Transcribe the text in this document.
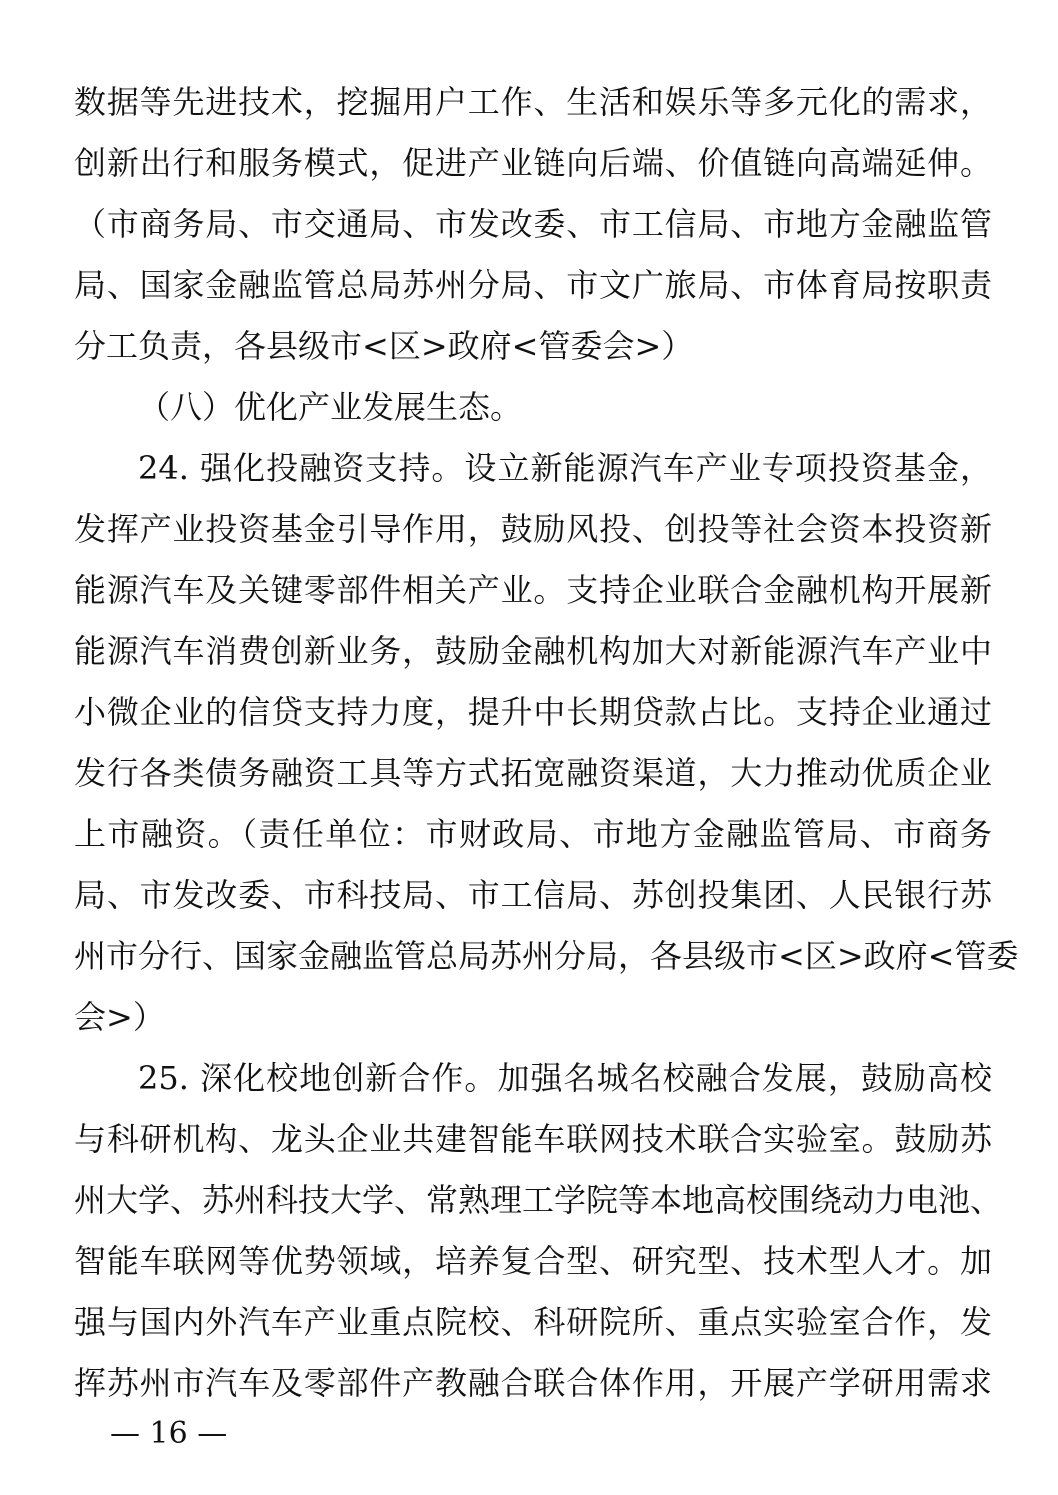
数据等先进技术，挖掘用户工作、生活和娱乐等多元化的需求，
创新出行和服务模式，促进产业链向后端、价值链向高端延伸。
（市商务局、市交通局、市发改委、市工信局、市地方金融监管
局、国家金融监管总局苏州分局、市文广旅局、市体育局按职责
分工负责，各县级市<区>政府<管委会>）
（八）优化产业发展生态。
24. 强化投融资支持。设立新能源汽车产业专项投资基金，
发挥产业投资基金引导作用，鼓励风投、创投等社会资本投资新
能源汽车及关键零部件相关产业。支持企业联合金融机构开展新
能源汽车消费创新业务，鼓励金融机构加大对新能源汽车产业中
小微企业的信贷支持力度，提升中长期贷款占比。支持企业通过
发行各类债务融资工具等方式拓宽融资渠道，大力推动优质企业
上市融资。（责任单位：市财政局、市地方金融监管局、市商务
局、市发改委、市科技局、市工信局、苏创投集团、人民银行苏
州市分行、国家金融监管总局苏州分局，各县级市<区>政府<管委
会>）
25. 深化校地创新合作。加强名城名校融合发展，鼓励高校
与科研机构、龙头企业共建智能车联网技术联合实验室。鼓励苏
州大学、苏州科技大学、常熟理工学院等本地高校围绕动力电池、
智能车联网等优势领域，培养复合型、研究型、技术型人才。加
强与国内外汽车产业重点院校、科研院所、重点实验室合作，发
挥苏州市汽车及零部件产教融合联合体作用，开展产学研用需求
— 16 —
